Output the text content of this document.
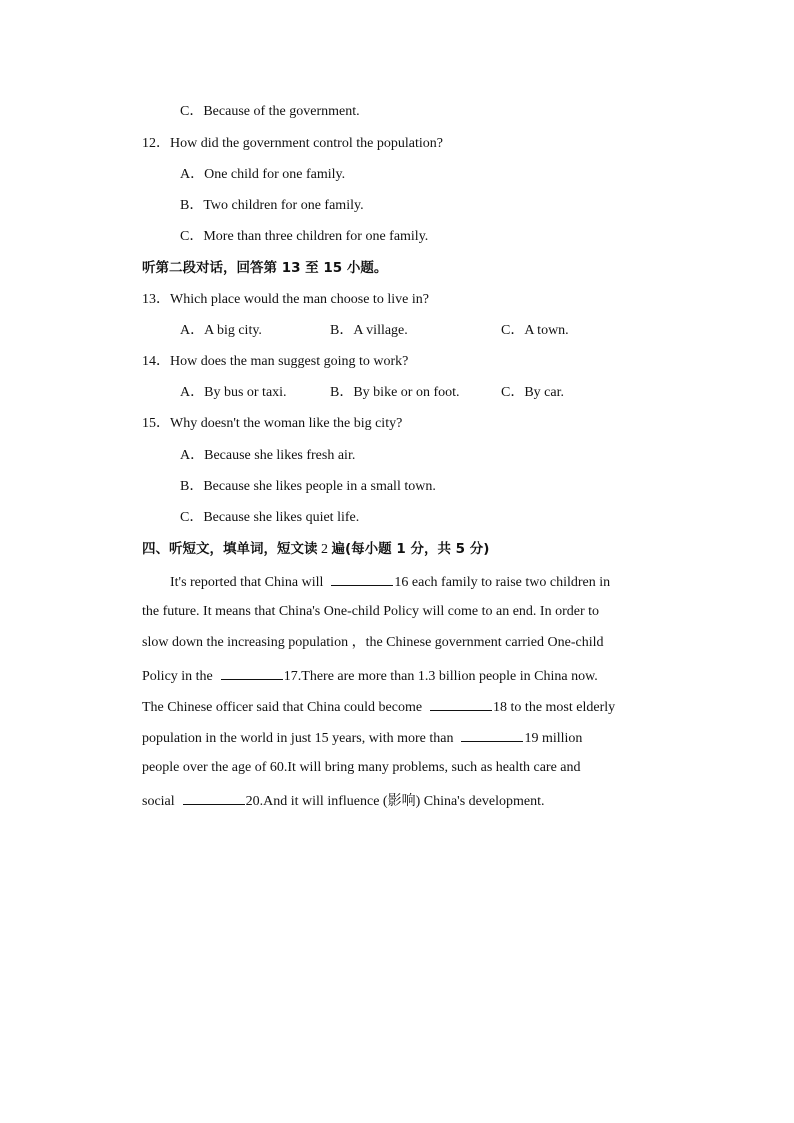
C．Because of the government.
12．How did the government control the population?
A．One child for one family.
B．Two children for one family.
C．More than three children for one family.
听第二段对话，回答第 13 至 15 小题。
13．Which place would the man choose to live in?
A．A big city.	B．A village.	C．A town.
14．How does the man suggest going to work?
A．By bus or taxi.	B．By bike or on foot.	C．By car.
15．Why doesn't the woman like the big city?
A．Because she likes fresh air.
B．Because she likes people in a small town.
C．Because she likes quiet life.
四、听短文，填单词，短文读 2 遍(每小题 1 分，共 5 分)
It's reported that China will	16 each family to raise two children in
the future. It means that China's One-child Policy will come to an end. In order to
slow down the increasing population ，the Chinese government carried One-child
Policy in the	17.There are more than 1.3 billion people in China now.
The Chinese officer said that China could become	18 to the most elderly
population in the world in just 15 years, with more than	19 million
people over the age of 60.It will bring many problems, such as health care and
social	20.And it will influence (影响) China's development.
